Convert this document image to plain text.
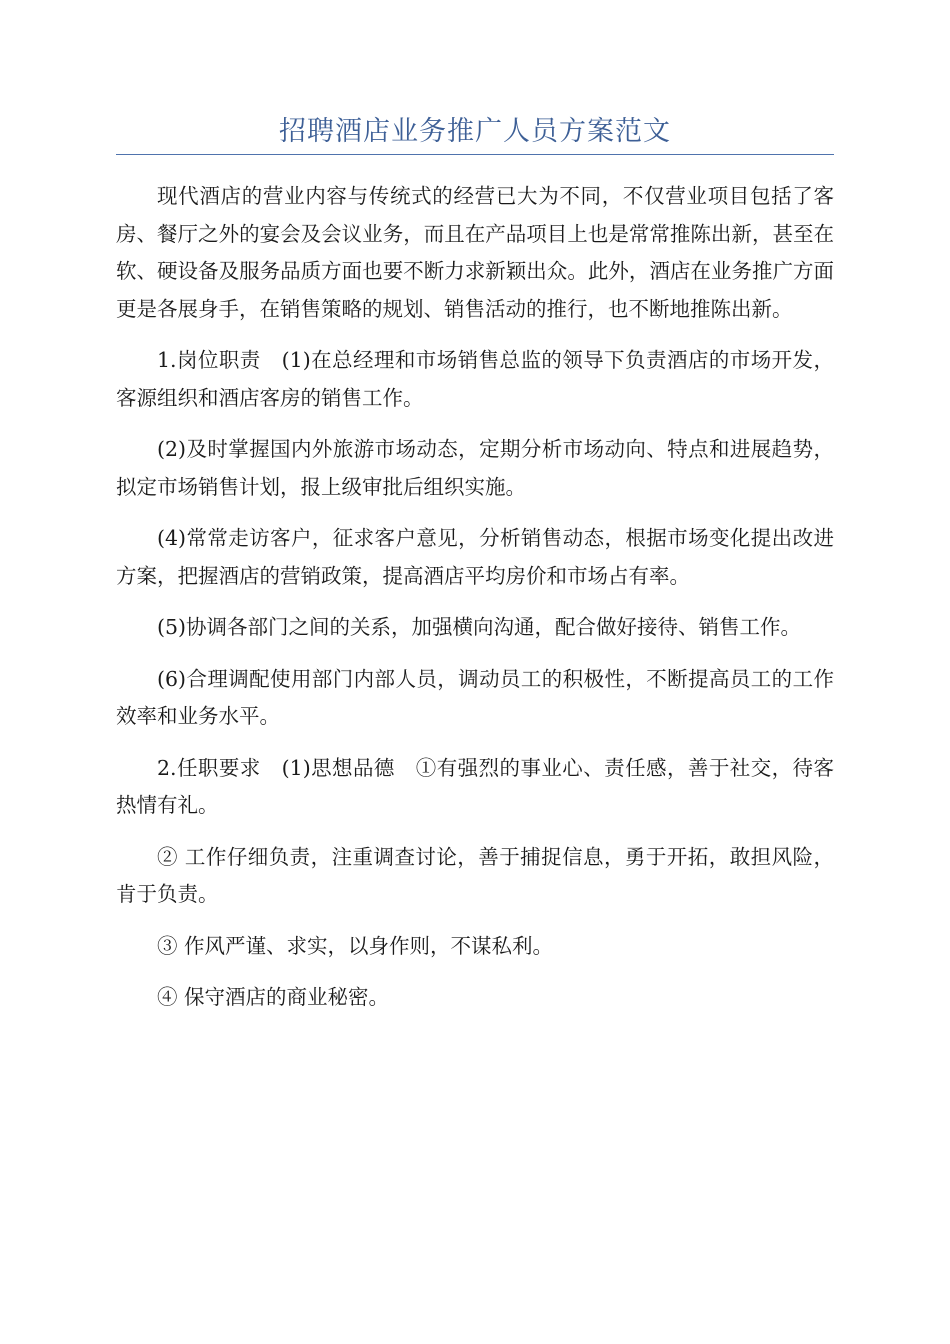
招聘酒店业务推广人员方案范文

现代酒店的营业内容与传统式的经营已大为不同，不仅营业项目包括了客房、餐厅之外的宴会及会议业务，而且在产品项目上也是常常推陈出新，甚至在软、硬设备及服务品质方面也要不断力求新颖出众。此外，酒店在业务推广方面更是各展身手，在销售策略的规划、销售活动的推行，也不断地推陈出新。

1.岗位职责　(1)在总经理和市场销售总监的领导下负责酒店的市场开发，客源组织和酒店客房的销售工作。

(2)及时掌握国内外旅游市场动态，定期分析市场动向、特点和进展趋势，拟定市场销售计划，报上级审批后组织实施。

(4)常常走访客户，征求客户意见，分析销售动态，根据市场变化提出改进方案，把握酒店的营销政策，提高酒店平均房价和市场占有率。

(5)协调各部门之间的关系，加强横向沟通，配合做好接待、销售工作。

(6)合理调配使用部门内部人员，调动员工的积极性，不断提高员工的工作效率和业务水平。

2.任职要求　(1)思想品德　①有强烈的事业心、责任感，善于社交，待客热情有礼。

② 工作仔细负责，注重调查讨论，善于捕捉信息，勇于开拓，敢担风险，肯于负责。

③ 作风严谨、求实，以身作则，不谋私利。

④ 保守酒店的商业秘密。
